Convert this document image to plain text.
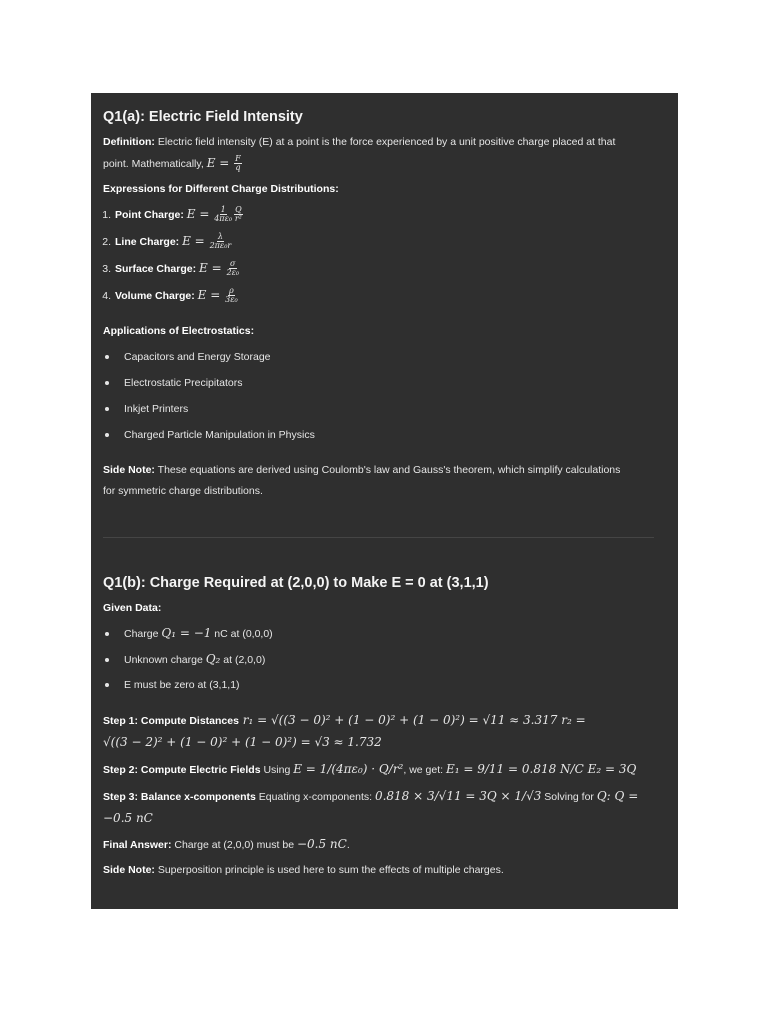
Q1(a): Electric Field Intensity
Definition: Electric field intensity (E) at a point is the force experienced by a unit positive charge placed at that
point. Mathematically, $E = \frac{F}{q}$
Expressions for Different Charge Distributions:
1. Point Charge: $E = \frac{1}{\text{4πε₀}} \frac{Q}{\text{r²}}$
2. Line Charge: $E = \frac{\lambda}{\text{2πε₀r}}$
3. Surface Charge: $E = \frac{\sigma}{\text{2ε₀}}$
4. Volume Charge: $E = \frac{\rho}{\text{3ε₀}}$
Applications of Electrostatics:
Capacitors and Energy Storage
Electrostatic Precipitators
Inkjet Printers
Charged Particle Manipulation in Physics
Side Note: These equations are derived using Coulomb's law and Gauss's theorem, which simplify calculations
for symmetric charge distributions.
Q1(b): Charge Required at (2,0,0) to Make E = 0 at (3,1,1)
Given Data:
Charge Q₁ = −1 nC at (0,0,0)
Unknown charge Q₂ at (2,0,0)
E must be zero at (3,1,1)
Step 1: Compute Distances r₁ = √((3 − 0)² + (1 − 0)² + (1 − 0)²) = √11 ≈ 3.317 r₂ =
√((3 − 2)² + (1 − 0)² + (1 − 0)²) = √3 ≈ 1.732
Step 2: Compute Electric Fields Using E = 1/(4πε₀) · Q/r², we get: E₁ = 9/11 = 0.818 N/C E₂ = 3Q
Step 3: Balance x-components Equating x-components: 0.818 × 3/√11 = 3Q × 1/√3 Solving for Q: Q =
−0.5 nC
Final Answer: Charge at (2,0,0) must be −0.5 nC.
Side Note: Superposition principle is used here to sum the effects of multiple charges.
